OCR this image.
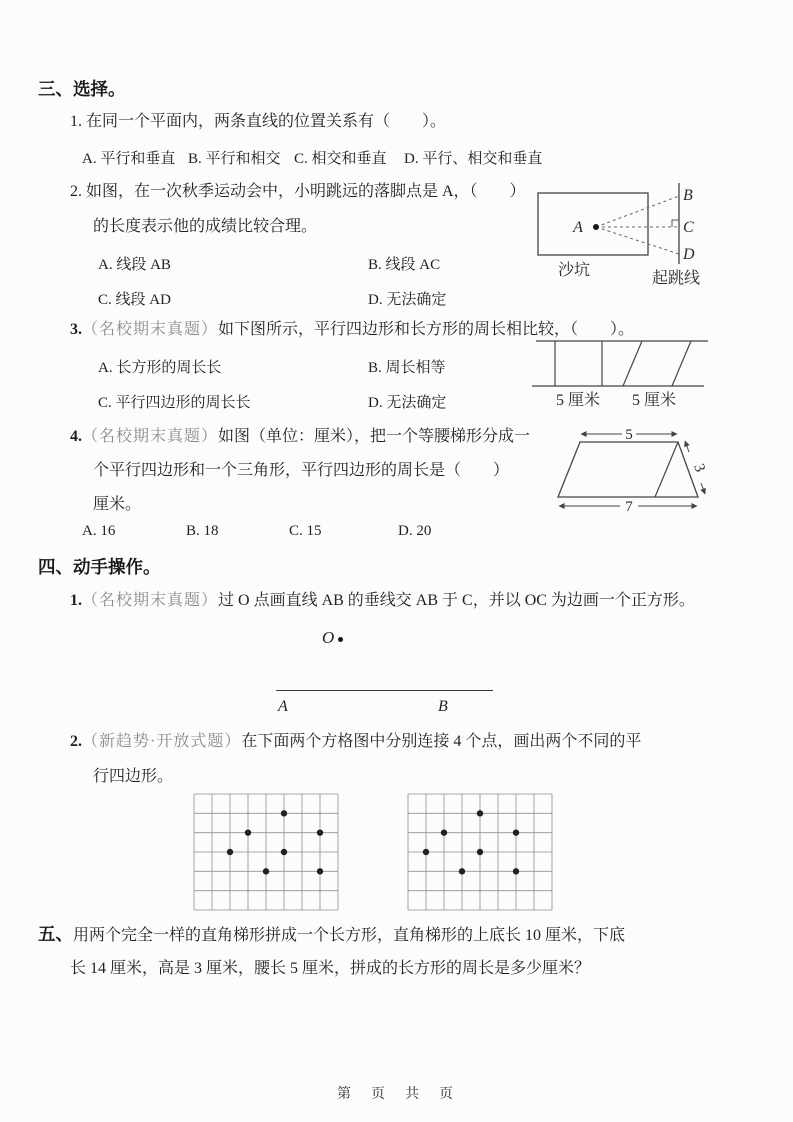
三、选择。
1. 在同一个平面内，两条直线的位置关系有（　　）。
A. 平行和垂直 B. 平行和相交 C. 相交和垂直 D. 平行、相交和垂直
2. 如图，在一次秋季运动会中，小明跳远的落脚点是 A，（　　）
的长度表示他的成绩比较合理。
A. 线段 AB	B. 线段 AC
C. 线段 AD	D. 无法确定
A
B
C
D
沙坑	起跳线
3.（名校期末真题）如下图所示，平行四边形和长方形的周长相比较，（　　）。
A. 长方形的周长长	B. 周长相等
C. 平行四边形的周长长	D. 无法确定	5 厘米 5 厘米
4.（名校期末真题）如图（单位：厘米），把一个等腰梯形分成一
个平行四边形和一个三角形，平行四边形的周长是（　　）
厘米。
A. 16	B. 18	C. 15	D. 20
5
7
3
四、动手操作。
1.（名校期末真题）过 O 点画直线 AB 的垂线交 AB 于 C，并以 OC 为边画一个正方形。
O
A	B
2.（新趋势·开放式题）在下面两个方格图中分别连接 4 个点，画出两个不同的平
行四边形。
五、用两个完全一样的直角梯形拼成一个长方形，直角梯形的上底长 10 厘米，下底
长 14 厘米，高是 3 厘米，腰长 5 厘米，拼成的长方形的周长是多少厘米？
第　页　共　页
